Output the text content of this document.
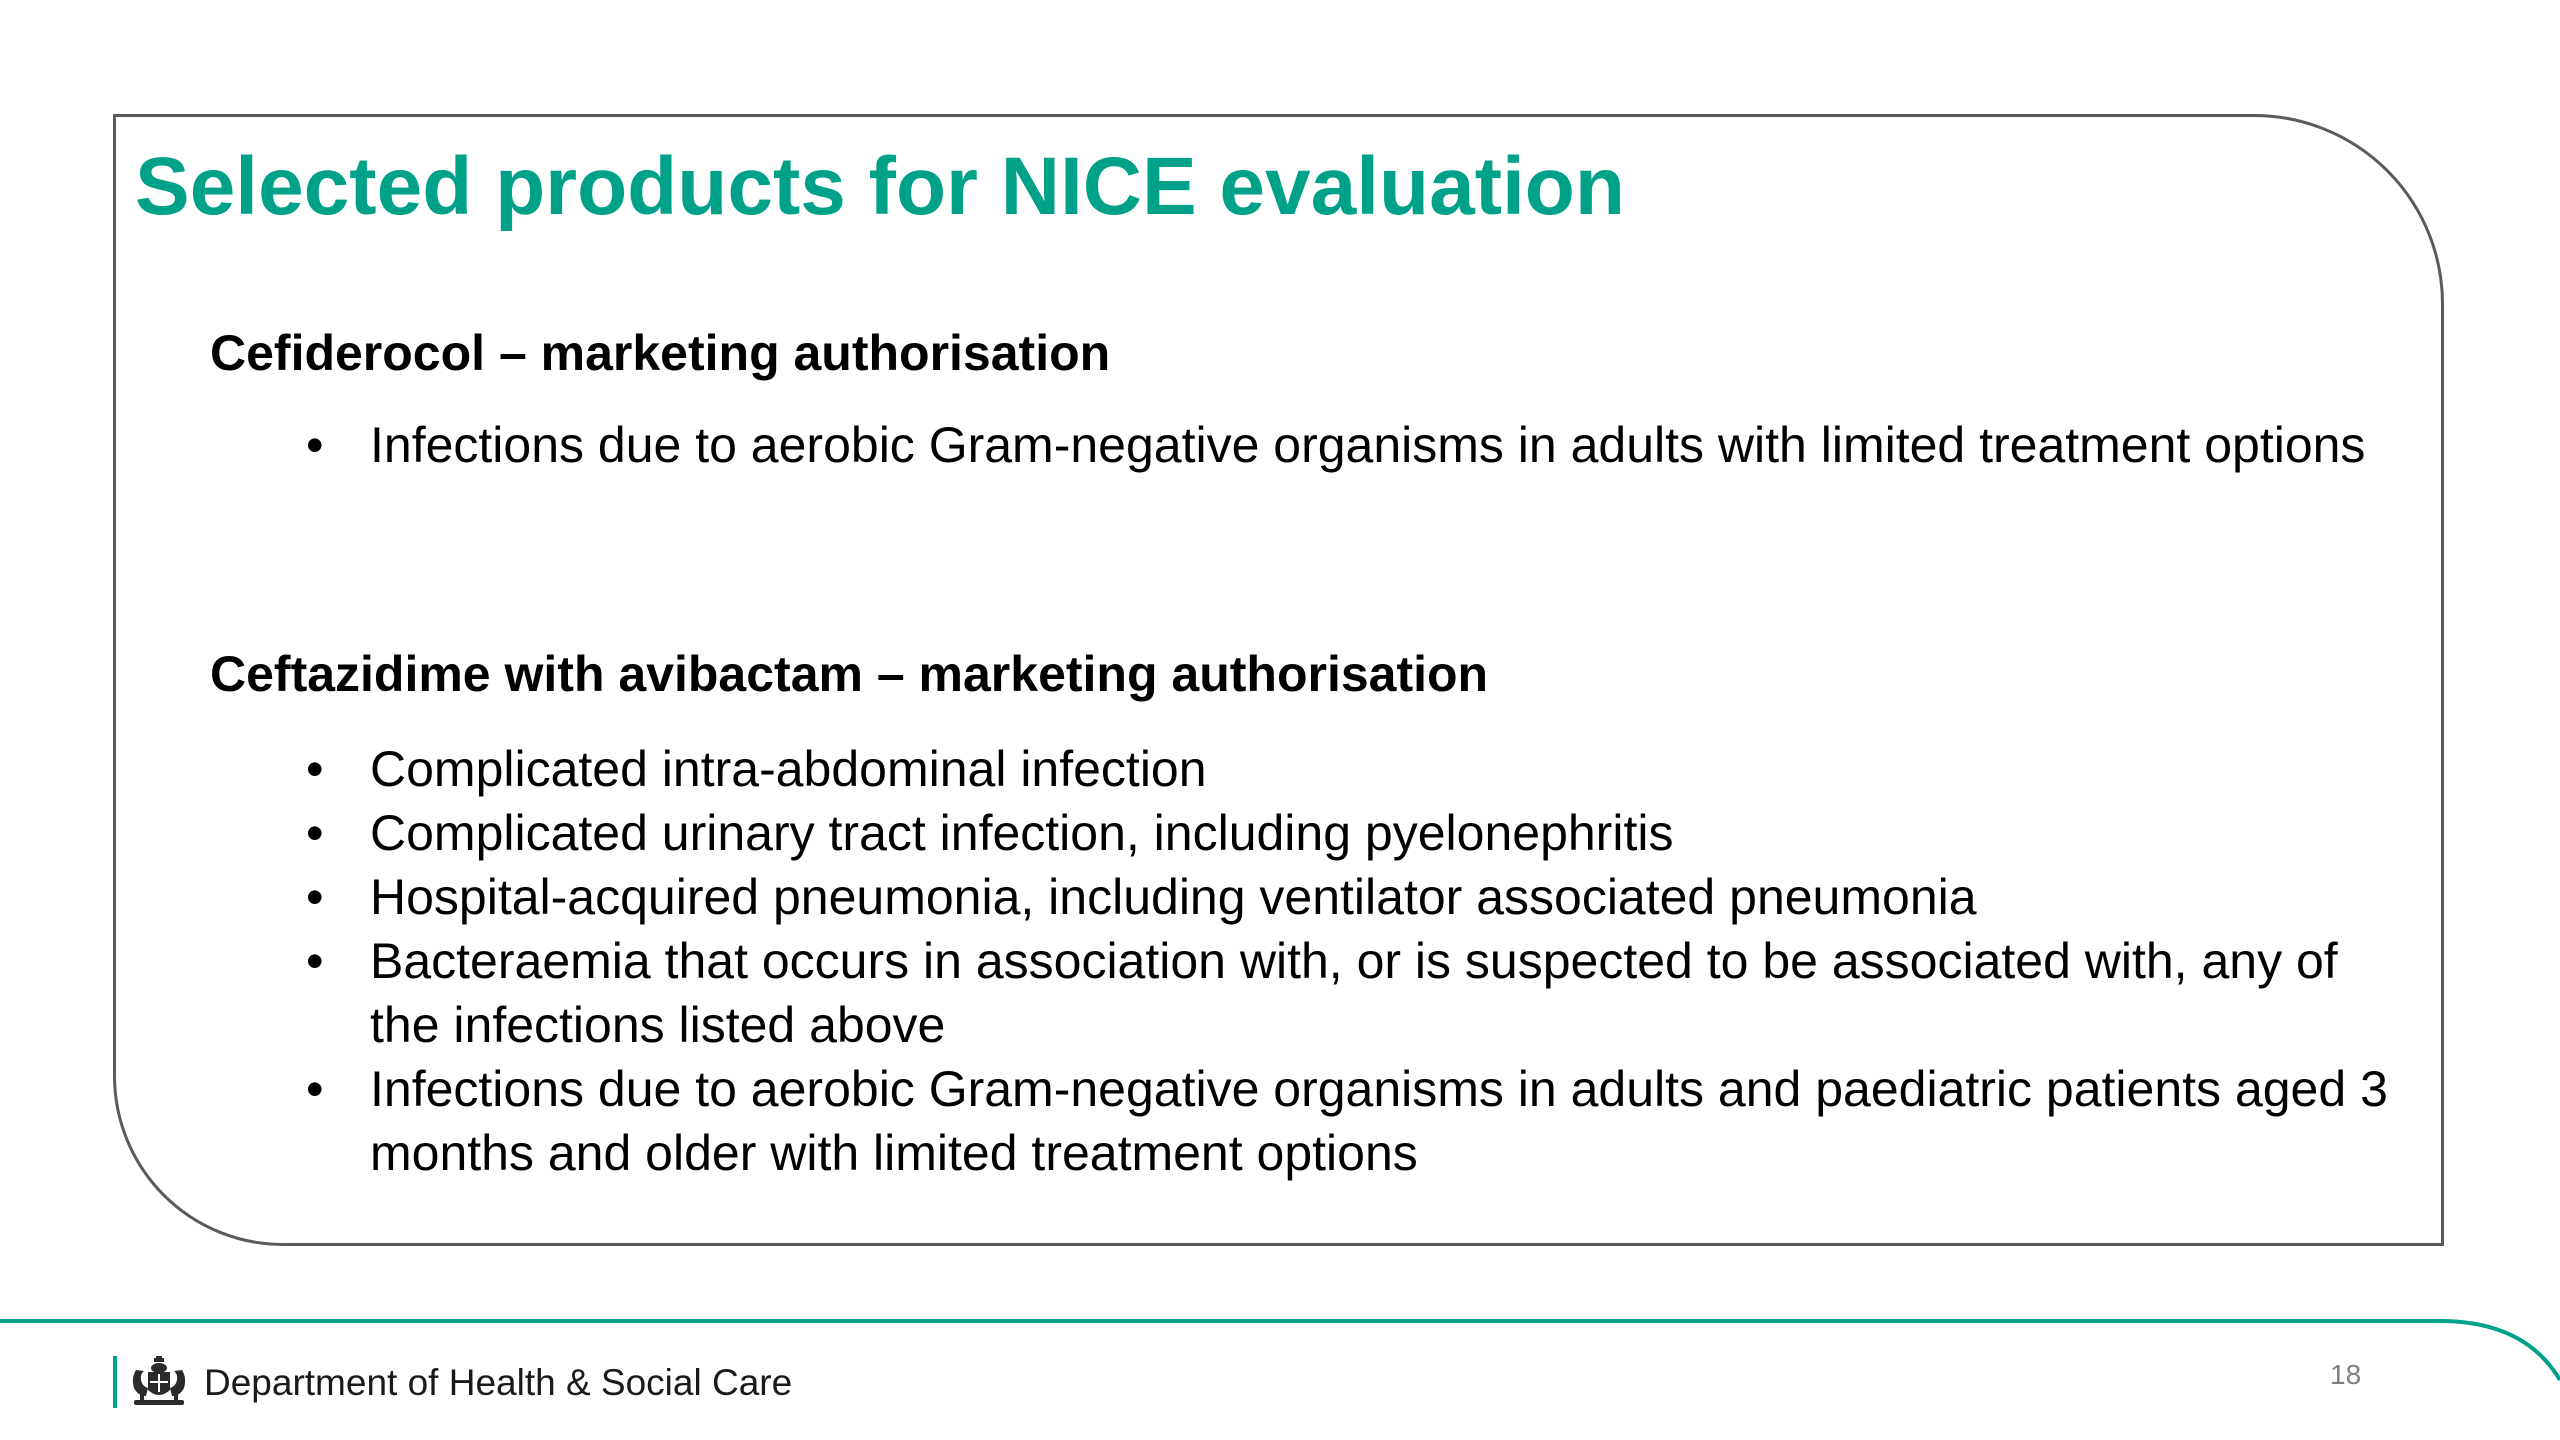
Selected products for NICE evaluation
Cefiderocol – marketing authorisation
• Infections due to aerobic Gram-negative organisms in adults with limited treatment options
Ceftazidime with avibactam – marketing authorisation
• Complicated intra-abdominal infection
• Complicated urinary tract infection, including pyelonephritis
• Hospital-acquired pneumonia, including ventilator associated pneumonia
• Bacteraemia that occurs in association with, or is suspected to be associated with, any of the infections listed above
• Infections due to aerobic Gram-negative organisms in adults and paediatric patients aged 3 months and older with limited treatment options
Department of Health & Social Care	18
